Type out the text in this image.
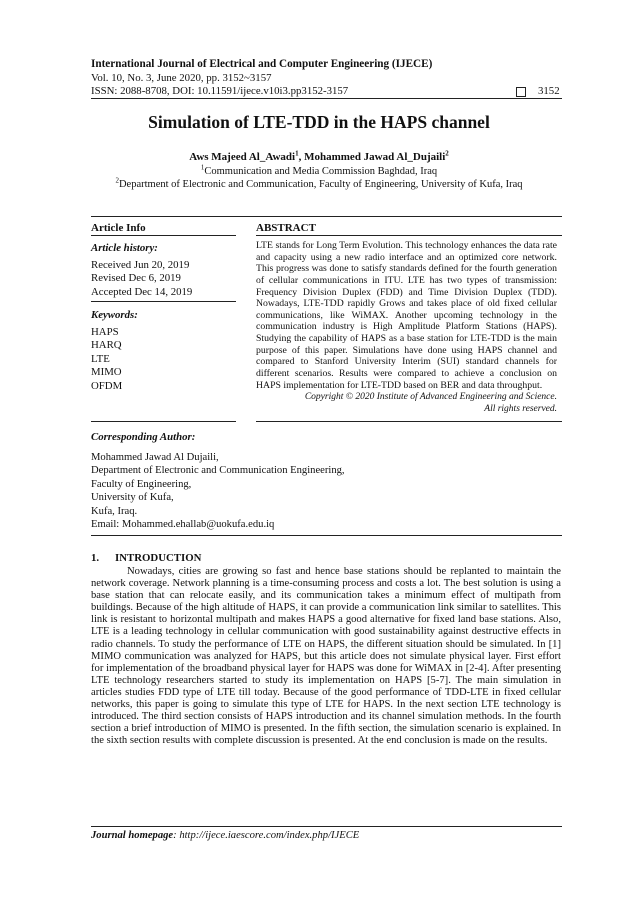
International Journal of Electrical and Computer Engineering (IJECE)
Vol. 10, No. 3, June 2020, pp. 3152~3157
ISSN: 2088-8708, DOI: 10.11591/ijece.v10i3.pp3152-3157	3152
Simulation of LTE-TDD in the HAPS channel
Aws Majeed Al_Awadi$^1$, Mohammed Jawad Al_Dujaili$^2$
$^1$Communication and Media Commission Baghdad, Iraq
$^2$Department of Electronic and Communication, Faculty of Engineering, University of Kufa, Iraq
Article Info	ABSTRACT
Article history:
Received Jun 20, 2019
Revised Dec 6, 2019
Accepted Dec 14, 2019
Keywords:
HAPS
HARQ
LTE
MIMO
OFDM
LTE stands for Long Term Evolution. This technology enhances the data rate and capacity using a new radio interface and an optimized core network. This progress was done to satisfy standards defined for the fourth generation of cellular communications in ITU. LTE has two types of transmission: Frequency Division Duplex (FDD) and Time Division Duplex (TDD). Nowadays, LTE-TDD rapidly Grows and takes place of old fixed cellular communications, like WiMAX. Another upcoming technology in the communication industry is High Amplitude Platform Stations (HAPS). Studying the capability of HAPS as a base station for LTE-TDD is the main purpose of this paper. Simulations have done using HAPS channel and compared to Stanford University Interim (SUI) standard channels for different scenarios. Results were compared to achieve a conclusion on HAPS implementation for LTE-TDD based on BER and data throughput.
Copyright © 2020 Institute of Advanced Engineering and Science.
All rights reserved.
Corresponding Author:
Mohammed Jawad Al Dujaili,
Department of Electronic and Communication Engineering,
Faculty of Engineering,
University of Kufa,
Kufa, Iraq.
Email: Mohammed.ehallab@uokufa.edu.iq
1. INTRODUCTION

Nowadays, cities are growing so fast and hence base stations should be replanted to maintain the network coverage. Network planning is a time-consuming process and costs a lot. The best solution is using a base station that can relocate easily, and its communication takes a minimum effect of multipath from buildings. Because of the high altitude of HAPS, it can provide a communication link similar to satellites. This link is resistant to horizontal multipath and makes HAPS a good alternative for fixed land base stations. Also, LTE is a leading technology in cellular communication with good sustainability against destructive effects in radio channels. To study the performance of LTE on HAPS, the different situation should be simulated. In [1] MIMO communication was analyzed for HAPS, but this article does not simulate physical layer. First effort for implementation of the broadband physical layer for HAPS was done for WiMAX in [2-4]. After presenting LTE technology researchers started to study its implementation on HAPS [5-7]. The main simulation in articles studies FDD type of LTE till today. Because of the good performance of TDD-LTE in fixed cellular networks, this paper is going to simulate this type of LTE for HAPS. In the next section LTE technology is introduced. The third section consists of HAPS introduction and its channel simulation methods. In the fourth section a brief introduction of MIMO is presented. In the fifth section, the simulation scenario is explained. In the sixth section results with complete discussion is presented. At the end conclusion is made on the results.

Journal homepage: http://ijece.iaescore.com/index.php/IJECE
